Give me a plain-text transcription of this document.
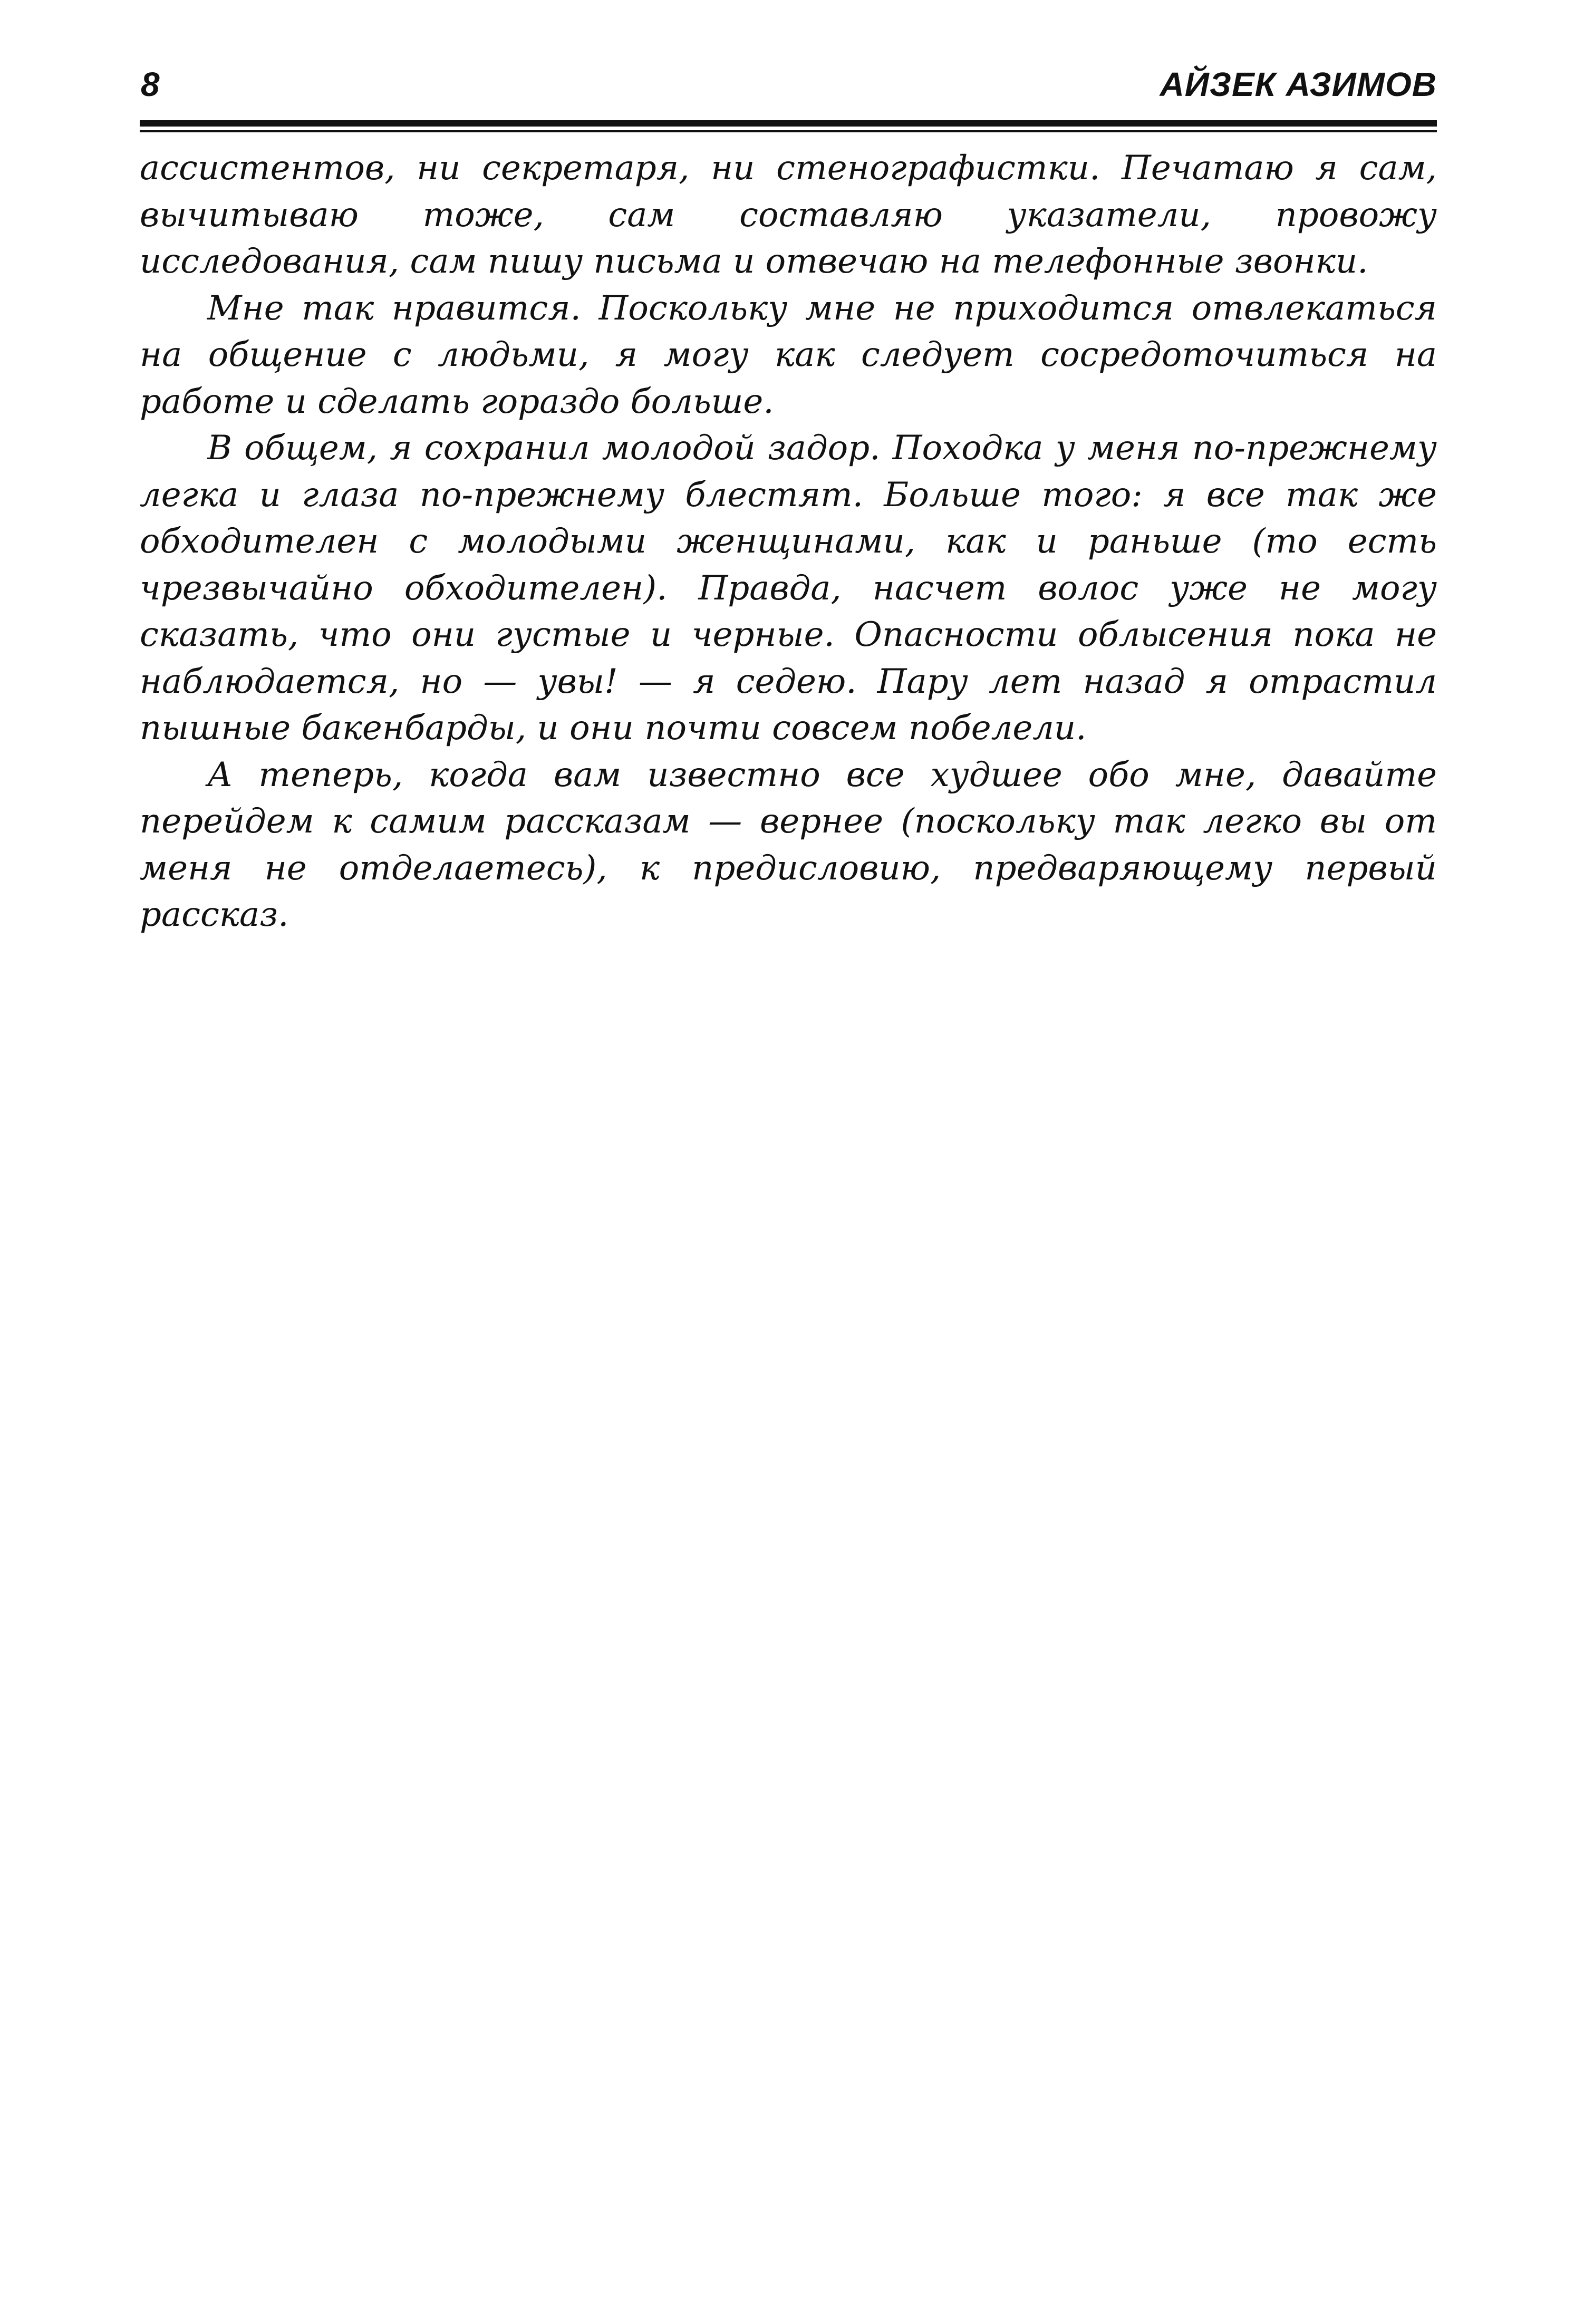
8	АЙЗЕК АЗИМОВ

ассистентов, ни секретаря, ни стенографистки. Печатаю я сам, вычитываю тоже, сам составляю указатели, провожу исследования, сам пишу письма и отвечаю на телефонные звонки.

Мне так нравится. Поскольку мне не приходится отвлекаться на общение с людьми, я могу как следует сосредоточиться на работе и сделать гораздо больше.

В общем, я сохранил молодой задор. Походка у меня по-прежнему легка и глаза по-прежнему блестят. Больше того: я все так же обходителен с молодыми женщинами, как и раньше (то есть чрезвычайно обходителен). Правда, насчет волос уже не могу сказать, что они густые и черные. Опасности облысения пока не наблюдается, но — увы! — я седею. Пару лет назад я отрастил пышные бакенбарды, и они почти совсем побелели.

А теперь, когда вам известно все худшее обо мне, давайте перейдем к самим рассказам — вернее (поскольку так легко вы от меня не отделаетесь), к предисловию, предваряющему первый рассказ.
